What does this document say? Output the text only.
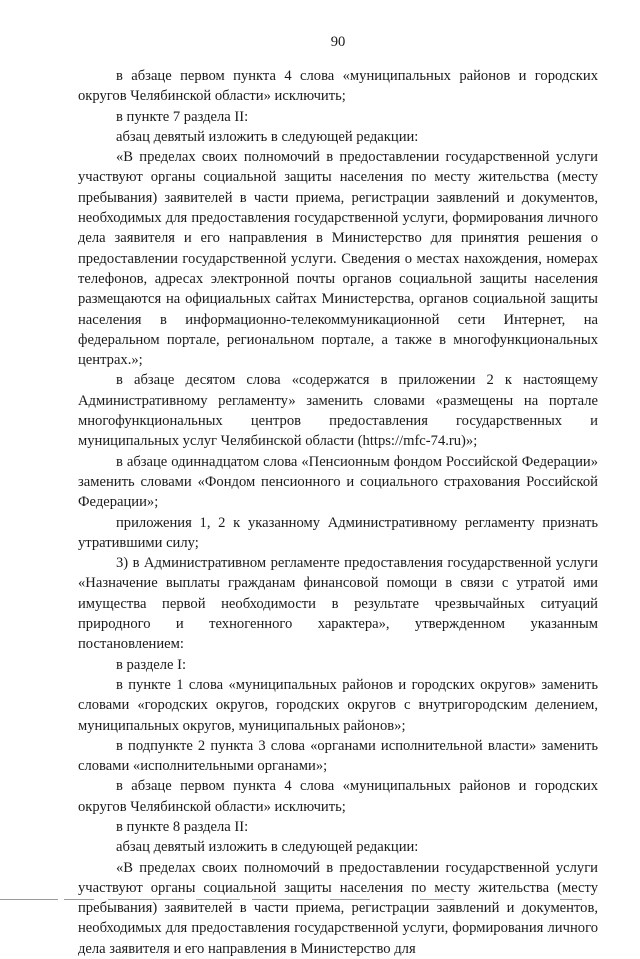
90

в абзаце первом пункта 4 слова «муниципальных районов и городских округов Челябинской области» исключить;

в пункте 7 раздела II:

абзац девятый изложить в следующей редакции:

«В пределах своих полномочий в предоставлении государственной услуги участвуют органы социальной защиты населения по месту жительства (месту пребывания) заявителей в части приема, регистрации заявлений и документов, необходимых для предоставления государственной услуги, формирования личного дела заявителя и его направления в Министерство для принятия решения о предоставлении государственной услуги. Сведения о местах нахождения, номерах телефонов, адресах электронной почты органов социальной защиты населения размещаются на официальных сайтах Министерства, органов социальной защиты населения в информационно-телекоммуникационной сети Интернет, на федеральном портале, региональном портале, а также в многофункциональных центрах.»;

в абзаце десятом слова «содержатся в приложении 2 к настоящему Административному регламенту» заменить словами «размещены на портале многофункциональных центров предоставления государственных и муниципальных услуг Челябинской области (https://mfc-74.ru)»;

в абзаце одиннадцатом слова «Пенсионным фондом Российской Федерации» заменить словами «Фондом пенсионного и социального страхования Российской Федерации»;

приложения 1, 2 к указанному Административному регламенту признать утратившими силу;

3) в Административном регламенте предоставления государственной услуги «Назначение выплаты гражданам финансовой помощи в связи с утратой ими имущества первой необходимости в результате чрезвычайных ситуаций природного и техногенного характера», утвержденном указанным постановлением:

в разделе I:

в пункте 1 слова «муниципальных районов и городских округов» заменить словами «городских округов, городских округов с внутригородским делением, муниципальных округов, муниципальных районов»;

в подпункте 2 пункта 3 слова «органами исполнительной власти» заменить словами «исполнительными органами»;

в абзаце первом пункта 4 слова «муниципальных районов и городских округов Челябинской области» исключить;

в пункте 8 раздела II:

абзац девятый изложить в следующей редакции:

«В пределах своих полномочий в предоставлении государственной услуги участвуют органы социальной защиты населения по месту жительства (месту пребывания) заявителей в части приема, регистрации заявлений и документов, необходимых для предоставления государственной услуги, формирования личного дела заявителя и его направления в Министерство для
